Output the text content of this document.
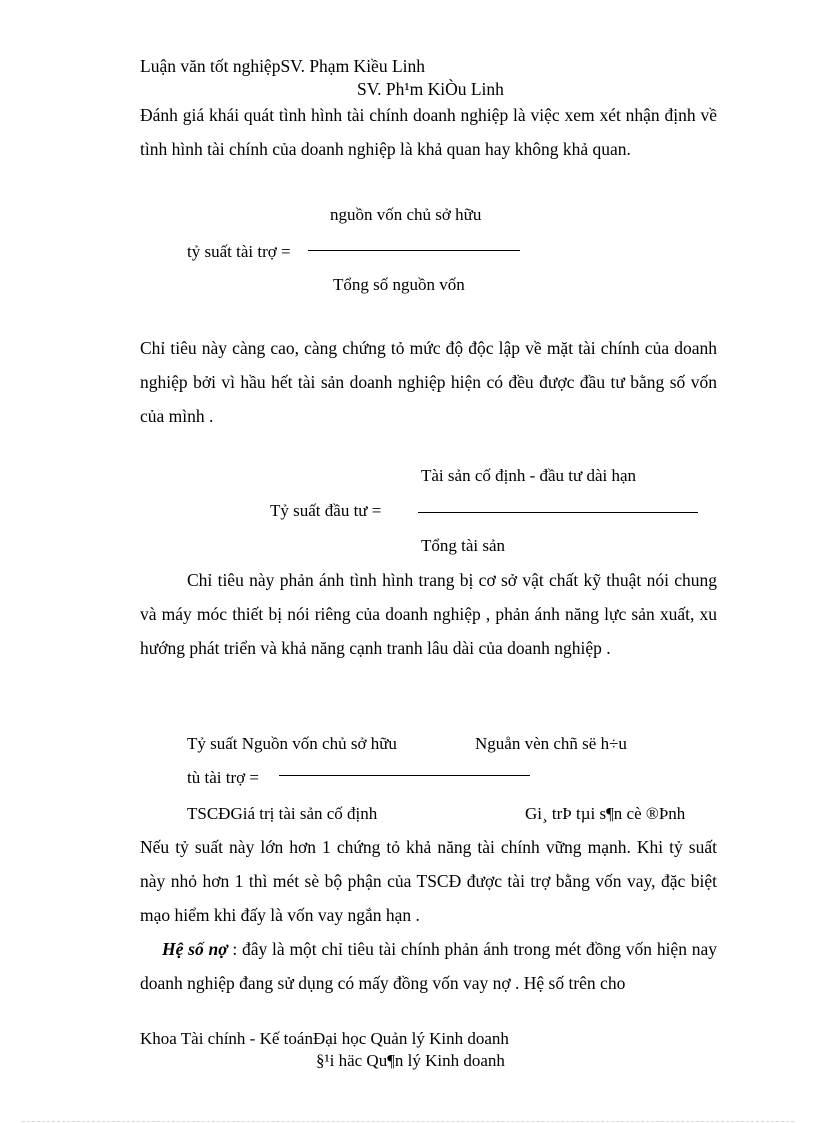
Luận văn tốt nghiệpSV. Phạm Kiều Linh
SV. Ph¹m KiÒu Linh
Đánh giá khái quát tình hình tài chính doanh nghiệp là việc xem xét nhận định về tình hình tài chính của doanh nghiệp là khả quan hay không khả quan.
nguồn vốn chủ sở hữu
tỷ suất tài trợ =
Tổng số nguồn vốn
Chỉ tiêu này càng cao, càng chứng tỏ mức độ độc lập về mặt tài chính của doanh nghiệp bởi vì hầu hết tài sản doanh nghiệp hiện có đều được đầu tư bằng số vốn của mình .
Tài sản cố định - đầu tư dài hạn
Tỷ suất đầu tư =
Tổng tài sản
Chỉ tiêu này phản ánh tình hình trang bị cơ sở vật chất kỹ thuật nói chung và máy móc thiết bị nói riêng của doanh nghiệp , phản ánh năng lực sản xuất, xu hướng phát triển và khả năng cạnh tranh lâu dài của doanh nghiệp .
Tỷ suất Nguồn vốn chủ sở hữu	Nguån vèn chñ së h÷u
tù tài trợ =
TSCĐGiá trị tài sản cố định	Gi¸ trÞ tµi s¶n cè ®Þnh
Nếu tỷ suất này lớn hơn 1 chứng tỏ khả năng tài chính vững mạnh. Khi tỷ suất này nhỏ hơn 1 thì mét sè bộ phận của TSCĐ được tài trợ bằng vốn vay, đặc biệt mạo hiểm khi đấy là vốn vay ngắn hạn .
Hệ số nợ : đây là một chỉ tiêu tài chính phản ánh trong mét đồng vốn hiện nay doanh nghiệp đang sử dụng có mấy đồng vốn vay nợ . Hệ số trên cho
Khoa Tài chính - Kế toánĐại học Quản lý Kinh doanh
§¹i häc Qu¶n lý Kinh doanh
